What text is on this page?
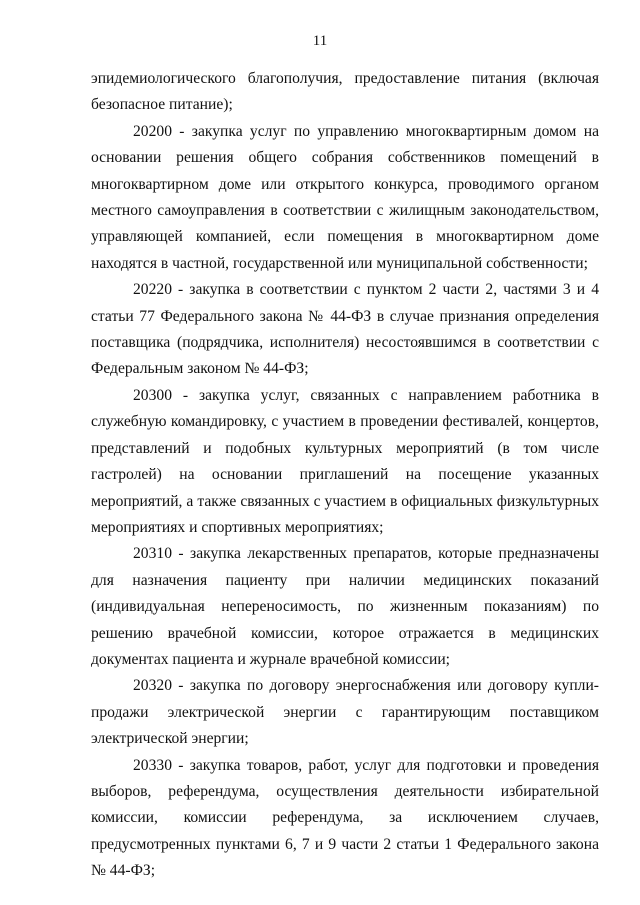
11

эпидемиологического благополучия, предоставление питания (включая безопасное питание);

20200 - закупка услуг по управлению многоквартирным домом на основании решения общего собрания собственников помещений в многоквартирном доме или открытого конкурса, проводимого органом местного самоуправления в соответствии с жилищным законодательством, управляющей компанией, если помещения в многоквартирном доме находятся в частной, государственной или муниципальной собственности;

20220 - закупка в соответствии с пунктом 2 части 2, частями 3 и 4 статьи 77 Федерального закона № 44-ФЗ в случае признания определения поставщика (подрядчика, исполнителя) несостоявшимся в соответствии с Федеральным законом № 44-ФЗ;

20300 - закупка услуг, связанных с направлением работника в служебную командировку, с участием в проведении фестивалей, концертов, представлений и подобных культурных мероприятий (в том числе гастролей) на основании приглашений на посещение указанных мероприятий, а также связанных с участием в официальных физкультурных мероприятиях и спортивных мероприятиях;

20310 - закупка лекарственных препаратов, которые предназначены для назначения пациенту при наличии медицинских показаний (индивидуальная непереносимость, по жизненным показаниям) по решению врачебной комиссии, которое отражается в медицинских документах пациента и журнале врачебной комиссии;

20320 - закупка по договору энергоснабжения или договору купли-продажи электрической энергии с гарантирующим поставщиком электрической энергии;

20330 - закупка товаров, работ, услуг для подготовки и проведения выборов, референдума, осуществления деятельности избирательной комиссии, комиссии референдума, за исключением случаев, предусмотренных пунктами 6, 7 и 9 части 2 статьи 1 Федерального закона № 44-ФЗ;
